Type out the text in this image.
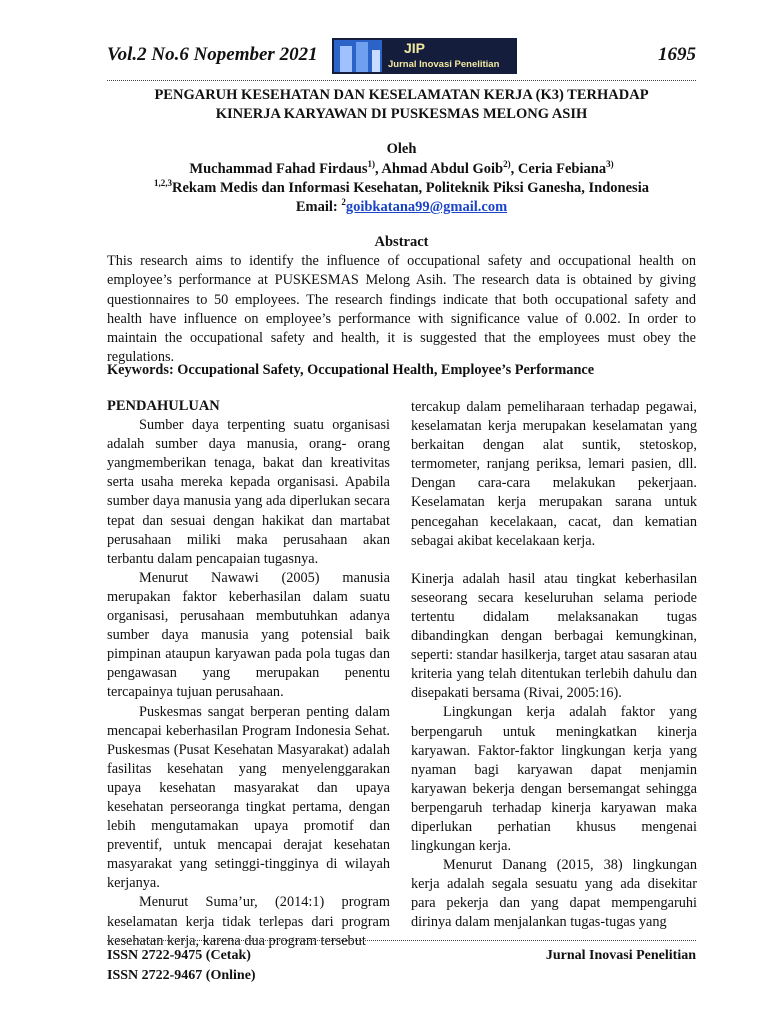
Vol.2 No.6 Nopember 2021	JIP
Jurnal Inovasi Penelitian	1695
PENGARUH KESEHATAN DAN KESELAMATAN KERJA (K3) TERHADAP
KINERJA KARYAWAN DI PUSKESMAS MELONG ASIH
Oleh
Muchammad Fahad Firdaus$^{1)}$, Ahmad Abdul Goib$^{2)}$, Ceria Febiana$^{3)}$
$^{1,2,3}$Rekam Medis dan Informasi Kesehatan, Politeknik Piksi Ganesha, Indonesia
Email: $^2$goibkatana99@gmail.com
Abstract
This research aims to identify the influence of occupational safety and occupational health on employee’s performance at PUSKESMAS Melong Asih. The research data is obtained by giving questionnaires to 50 employees. The research findings indicate that both occupational safety and health have influence on employee’s performance with significance value of 0.002. In order to maintain the occupational safety and health, it is suggested that the employees must obey the regulations.
Keywords: Occupational Safety, Occupational Health, Employee’s Performance
PENDAHULUAN

Sumber daya terpenting suatu organisasi adalah sumber daya manusia, orang- orang yangmemberikan tenaga, bakat dan kreativitas serta usaha mereka kepada organisasi. Apabila sumber daya manusia yang ada diperlukan secara tepat dan sesuai dengan hakikat dan martabat perusahaan miliki maka perusahaan akan terbantu dalam pencapaian tugasnya.

Menurut Nawawi (2005) manusia merupakan faktor keberhasilan dalam suatu organisasi, perusahaan membutuhkan adanya sumber daya manusia yang potensial baik pimpinan ataupun karyawan pada pola tugas dan pengawasan yang merupakan penentu tercapainya tujuan perusahaan.

Puskesmas sangat berperan penting dalam mencapai keberhasilan Program Indonesia Sehat. Puskesmas (Pusat Kesehatan Masyarakat) adalah fasilitas kesehatan yang menyelenggarakan upaya kesehatan masyarakat dan upaya kesehatan perseoranga tingkat pertama, dengan lebih mengutamakan upaya promotif dan preventif, untuk mencapai derajat kesehatan masyarakat yang setinggi-tingginya di wilayah kerjanya.

Menurut Suma’ur, (2014:1) program keselamatan kerja tidak terlepas dari program kesehatan kerja, karena dua program tersebut

tercakup dalam pemeliharaan terhadap pegawai, keselamatan kerja merupakan keselamatan yang berkaitan dengan alat suntik, stetoskop, termometer, ranjang periksa, lemari pasien, dll. Dengan cara-cara melakukan pekerjaan. Keselamatan kerja merupakan sarana untuk pencegahan kecelakaan, cacat, dan kematian sebagai akibat kecelakaan kerja.

Kinerja adalah hasil atau tingkat keberhasilan seseorang secara keseluruhan selama periode tertentu didalam melaksanakan tugas dibandingkan dengan berbagai kemungkinan, seperti: standar hasilkerja, target atau sasaran atau kriteria yang telah ditentukan terlebih dahulu dan disepakati bersama (Rivai, 2005:16).

Lingkungan kerja adalah faktor yang berpengaruh untuk meningkatkan kinerja karyawan. Faktor-faktor lingkungan kerja yang nyaman bagi karyawan dapat menjamin karyawan bekerja dengan bersemangat sehingga berpengaruh terhadap kinerja karyawan maka diperlukan perhatian khusus mengenai lingkungan kerja.

Menurut Danang (2015, 38) lingkungan kerja adalah segala sesuatu yang ada disekitar para pekerja dan yang dapat mempengaruhi dirinya dalam menjalankan tugas-tugas yang

ISSN 2722-9475 (Cetak)
ISSN 2722-9467 (Online)
Jurnal Inovasi Penelitian
